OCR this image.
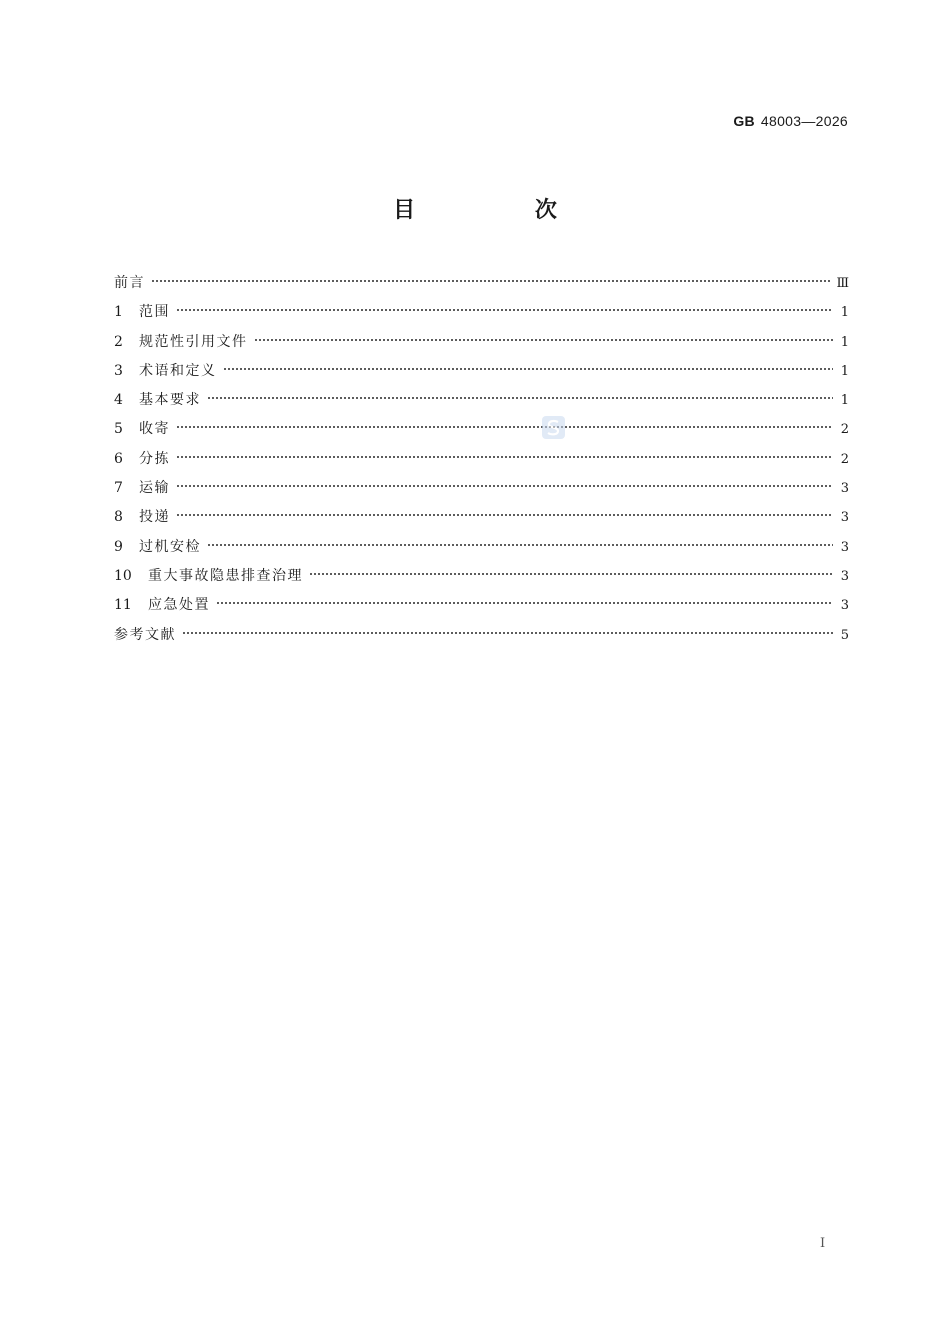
GB 48003—2026
目 次
前言	Ⅲ
1	范围	1
2	规范性引用文件	1
3	术语和定义	1
4	基本要求	1
5	收寄	2
6	分拣	2
7	运输	3
8	投递	3
9	过机安检	3
10	重大事故隐患排查治理	3
11	应急处置	3
参考文献	5
I
